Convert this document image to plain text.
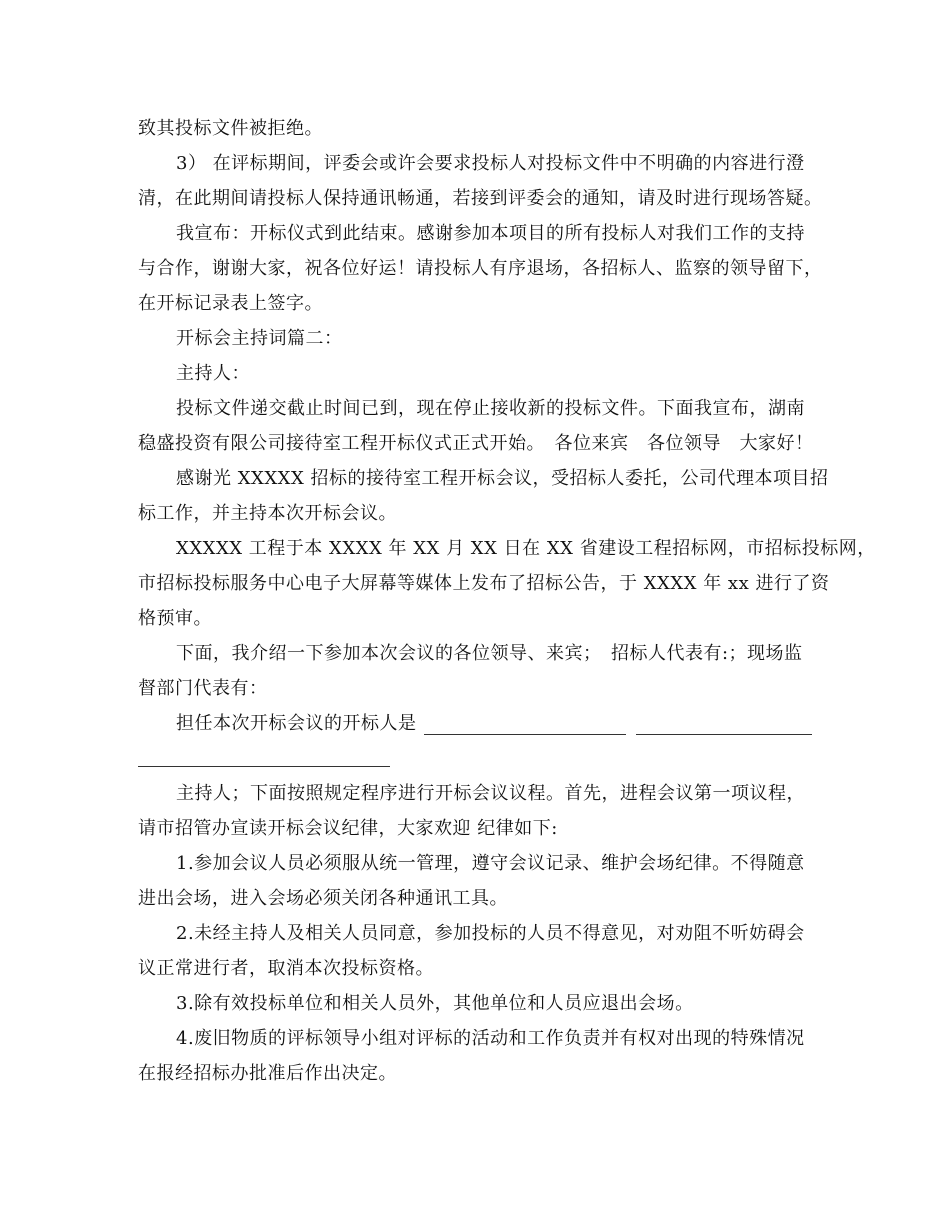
致其投标文件被拒绝。
3） 在评标期间，评委会或许会要求投标人对投标文件中不明确的内容进行澄
清，在此期间请投标人保持通讯畅通，若接到评委会的通知，请及时进行现场答疑。
我宣布：开标仪式到此结束。感谢参加本项目的所有投标人对我们工作的支持
与合作，谢谢大家，祝各位好运！请投标人有序退场，各招标人、监察的领导留下，
在开标记录表上签字。
开标会主持词篇二：
主持人：
投标文件递交截止时间已到，现在停止接收新的投标文件。下面我宣布，湖南
稳盛投资有限公司接待室工程开标仪式正式开始。　各位来宾　各位领导　大家好！
感谢光 XXXXX 招标的接待室工程开标会议，受招标人委托，公司代理本项目招
标工作，并主持本次开标会议。
XXXXX 工程于本 XXXX 年 XX 月 XX 日在 XX 省建设工程招标网，市招标投标网，
市招标投标服务中心电子大屏幕等媒体上发布了招标公告，于 XXXX 年 xx 进行了资
格预审。
下面，我介绍一下参加本次会议的各位领导、来宾；　招标人代表有:；现场监
督部门代表有：
担任本次开标会议的开标人是
主持人；下面按照规定程序进行开标会议议程。首先，进程会议第一项议程，
请市招管办宣读开标会议纪律，大家欢迎 纪律如下:
1.参加会议人员必须服从统一管理，遵守会议记录、维护会场纪律。不得随意
进出会场，进入会场必须关闭各种通讯工具。
2.未经主持人及相关人员同意，参加投标的人员不得意见，对劝阻不听妨碍会
议正常进行者，取消本次投标资格。
3.除有效投标单位和相关人员外，其他单位和人员应退出会场。
4.废旧物质的评标领导小组对评标的活动和工作负责并有权对出现的特殊情况
在报经招标办批准后作出决定。
